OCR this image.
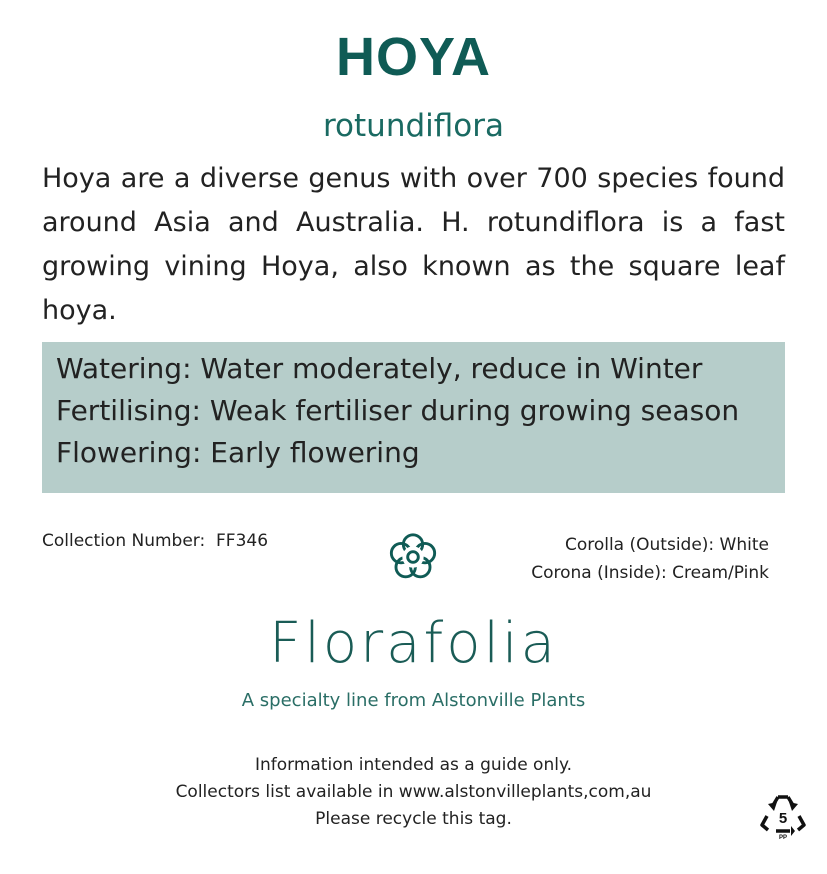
HOYA
rotundiflora
Hoya are a diverse genus with over 700 species found around Asia and Australia. H. rotundiflora is a fast growing vining Hoya, also known as the square leaf hoya.
Watering: Water moderately, reduce in Winter
Fertilising: Weak fertiliser during growing season
Flowering: Early flowering
Collection Number:  FF346	Corolla (Outside): White
Corona (Inside): Cream/Pink
Florafolia
A specialty line from Alstonville Plants
Information intended as a guide only.
Collectors list available in www.alstonvilleplants,com,au
Please recycle this tag.	5
PP
